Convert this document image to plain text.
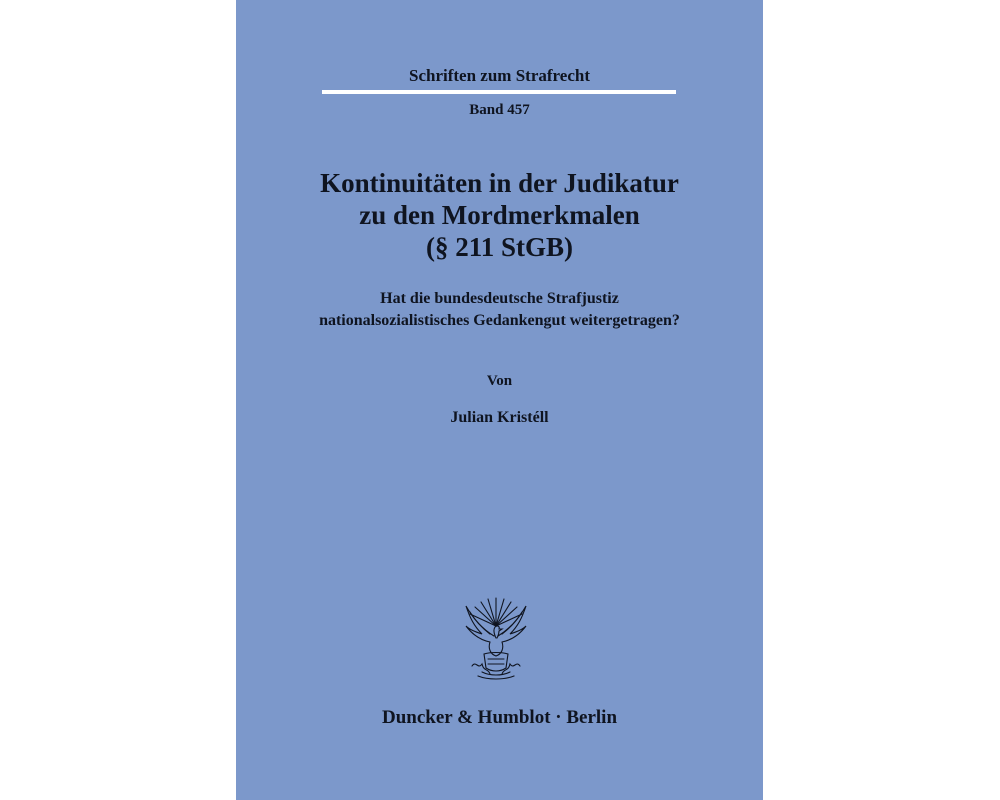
Schriften zum Strafrecht
Band 457
Kontinuitäten in der Judikatur
zu den Mordmerkmalen
(§ 211 StGB)
Hat die bundesdeutsche Strafjustiz
nationalsozialistisches Gedankengut weitergetragen?
Von
Julian Kristéll
Duncker & Humblot · Berlin
